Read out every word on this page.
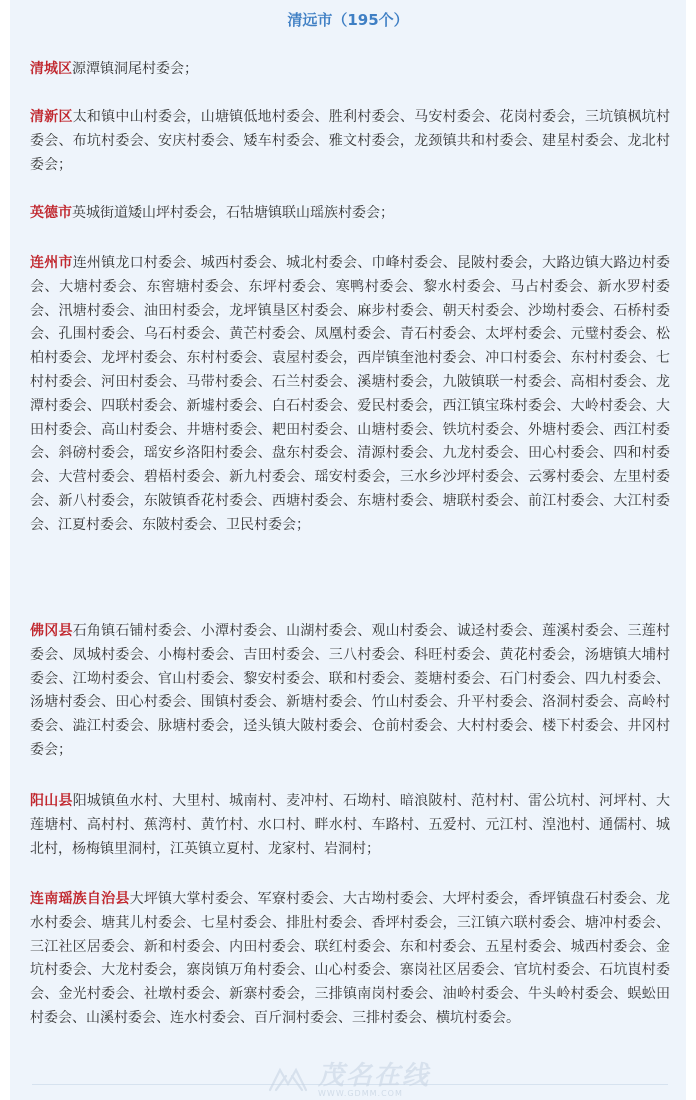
清远市（195个）

清城区源潭镇洞尾村委会；

清新区太和镇中山村委会，山塘镇低地村委会、胜利村委会、马安村委会、花岗村委会，三坑镇枫坑村委会、布坑村委会、安庆村委会、矮车村委会、雅文村委会，龙颈镇共和村委会、建星村委会、龙北村委会；

英德市英城街道矮山坪村委会，石牯塘镇联山瑶族村委会；

连州市连州镇龙口村委会、城西村委会、城北村委会、巾峰村委会、昆陂村委会，大路边镇大路边村委会、大塘村委会、东窖塘村委会、东坪村委会、寒鸭村委会、黎水村委会、马占村委会、新水罗村委会、汛塘村委会、油田村委会，龙坪镇垦区村委会、麻步村委会、朝天村委会、沙坳村委会、石桥村委会、孔围村委会、乌石村委会、黄芒村委会、凤凰村委会、青石村委会、太坪村委会、元璧村委会、松柏村委会、龙坪村委会、东村村委会、袁屋村委会，西岸镇奎池村委会、冲口村委会、东村村委会、七村村委会、河田村委会、马带村委会、石兰村委会、溪塘村委会，九陂镇联一村委会、高相村委会、龙潭村委会、四联村委会、新墟村委会、白石村委会、爱民村委会，西江镇宝珠村委会、大岭村委会、大田村委会、高山村委会、井塘村委会、耙田村委会、山塘村委会、铁坑村委会、外塘村委会、西江村委会、斜磅村委会，瑶安乡洛阳村委会、盘东村委会、清源村委会、九龙村委会、田心村委会、四和村委会、大营村委会、碧梧村委会、新九村委会、瑶安村委会，三水乡沙坪村委会、云雾村委会、左里村委会、新八村委会，东陂镇香花村委会、西塘村委会、东塘村委会、塘联村委会、前江村委会、大江村委会、江夏村委会、东陂村委会、卫民村委会；

佛冈县石角镇石铺村委会、小潭村委会、山湖村委会、观山村委会、诚迳村委会、莲溪村委会、三莲村委会、凤城村委会、小梅村委会、吉田村委会、三八村委会、科旺村委会、黄花村委会，汤塘镇大埔村委会、江坳村委会、官山村委会、黎安村委会、联和村委会、菱塘村委会、石门村委会、四九村委会、汤塘村委会、田心村委会、围镇村委会、新塘村委会、竹山村委会、升平村委会、洛洞村委会、高岭村委会、澁江村委会、脉塘村委会，迳头镇大陂村委会、仓前村委会、大村村委会、楼下村委会、井冈村委会；

阳山县阳城镇鱼水村、大里村、城南村、麦冲村、石坳村、暗浪陂村、范村村、雷公坑村、河坪村、大莲塘村、高村村、蕉湾村、黄竹村、水口村、畔水村、车路村、五爱村、元江村、湟池村、通儒村、城北村，杨梅镇里洞村，江英镇立夏村、龙家村、岩洞村；

连南瑶族自治县大坪镇大掌村委会、军寮村委会、大古坳村委会、大坪村委会，香坪镇盘石村委会、龙水村委会、塘萁儿村委会、七星村委会、排肚村委会、香坪村委会，三江镇六联村委会、塘冲村委会、三江社区居委会、新和村委会、内田村委会、联红村委会、东和村委会、五星村委会、城西村委会、金坑村委会、大龙村委会，寨岗镇万角村委会、山心村委会、寨岗社区居委会、官坑村委会、石坑崀村委会、金光村委会、社墩村委会、新寨村委会，三排镇南岗村委会、油岭村委会、牛头岭村委会、蜈蚣田村委会、山溪村委会、连水村委会、百斤洞村委会、三排村委会、横坑村委会。

茂名在线
WWW.GDMM.COM
